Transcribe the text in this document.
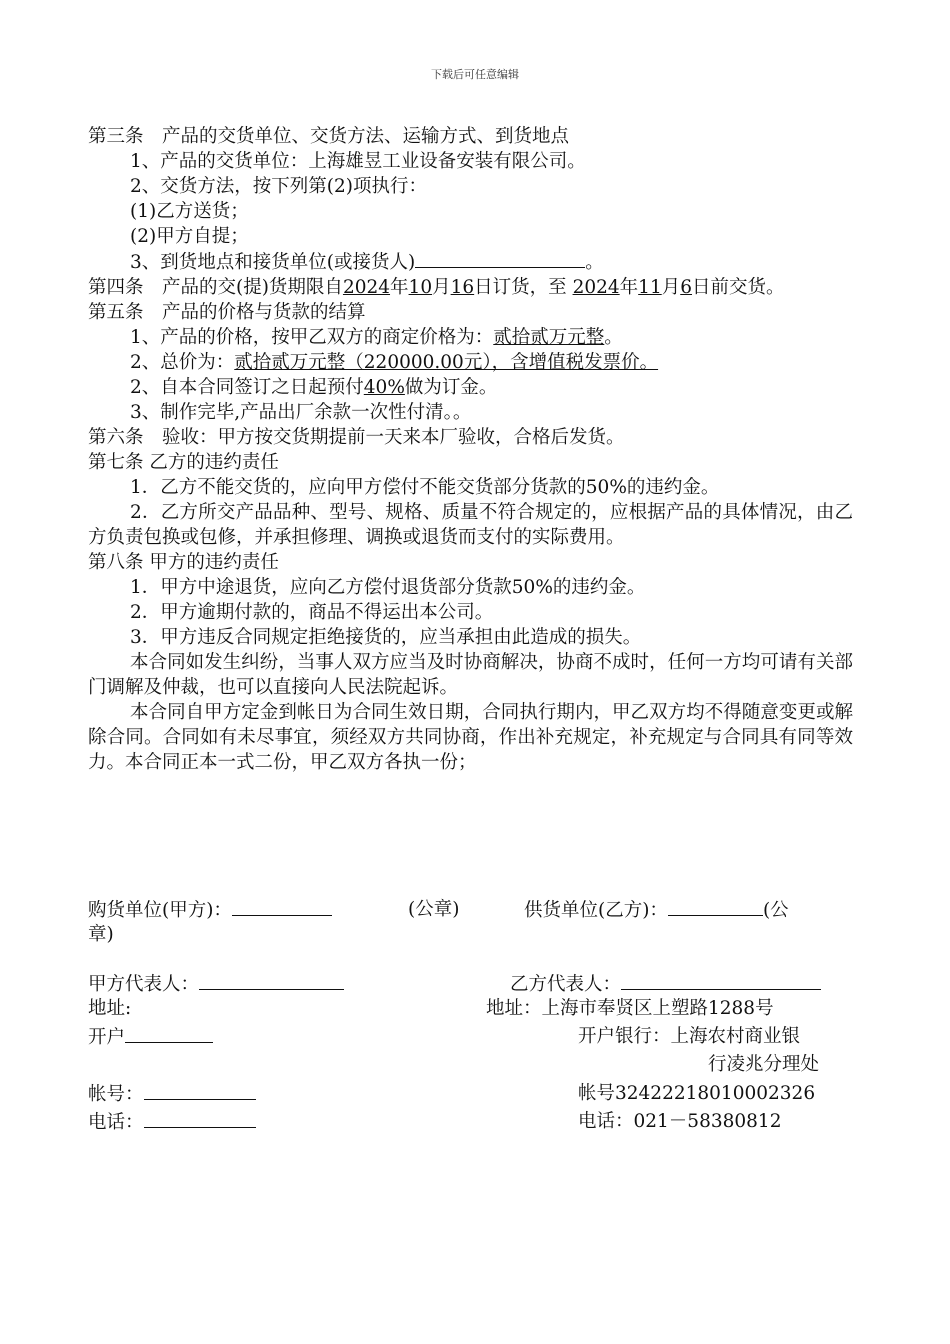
下载后可任意编辑
第三条　产品的交货单位、交货方法、运输方式、到货地点
1、产品的交货单位：上海雄昱工业设备安装有限公司。
2、交货方法，按下列第(2)项执行：
(1)乙方送货；
(2)甲方自提；
3、到货地点和接货单位(或接货人)	。
第四条　产品的交(提)货期限自2024年10月16日订货，至 2024年11月6日前交货。
第五条　产品的价格与货款的结算
1、产品的价格，按甲乙双方的商定价格为：贰拾贰万元整。
2、总价为：贰拾贰万元整（220000.00元），含增值税发票价。
2、自本合同签订之日起预付40%做为订金。
3、制作完毕,产品出厂余款一次性付清。。
第六条　验收：甲方按交货期提前一天来本厂验收，合格后发货。
第七条 乙方的违约责任
1．乙方不能交货的，应向甲方偿付不能交货部分货款的50%的违约金。
2．乙方所交产品品种、型号、规格、质量不符合规定的，应根据产品的具体情况，由乙方负责包换或包修，并承担修理、调换或退货而支付的实际费用。
第八条 甲方的违约责任
1．甲方中途退货，应向乙方偿付退货部分货款50%的违约金。
2．甲方逾期付款的，商品不得运出本公司。
3．甲方违反合同规定拒绝接货的，应当承担由此造成的损失。
本合同如发生纠纷，当事人双方应当及时协商解决，协商不成时，任何一方均可请有关部门调解及仲裁，也可以直接向人民法院起诉。
本合同自甲方定金到帐日为合同生效日期，合同执行期内，甲乙双方均不得随意变更或解除合同。合同如有未尽事宜，须经双方共同协商，作出补充规定，补充规定与合同具有同等效力。本合同正本一式二份，甲乙双方各执一份；
购货单位(甲方)：	(公章)	供货单位(乙方)：	(公
章)
甲方代表人：	乙方代表人：
地址:	地址：上海市奉贤区上塑路1288号
开户	开户银行：上海农村商业银
行凌兆分理处
帐号：	帐号32422218010002326
电话：	电话：021－58380812
